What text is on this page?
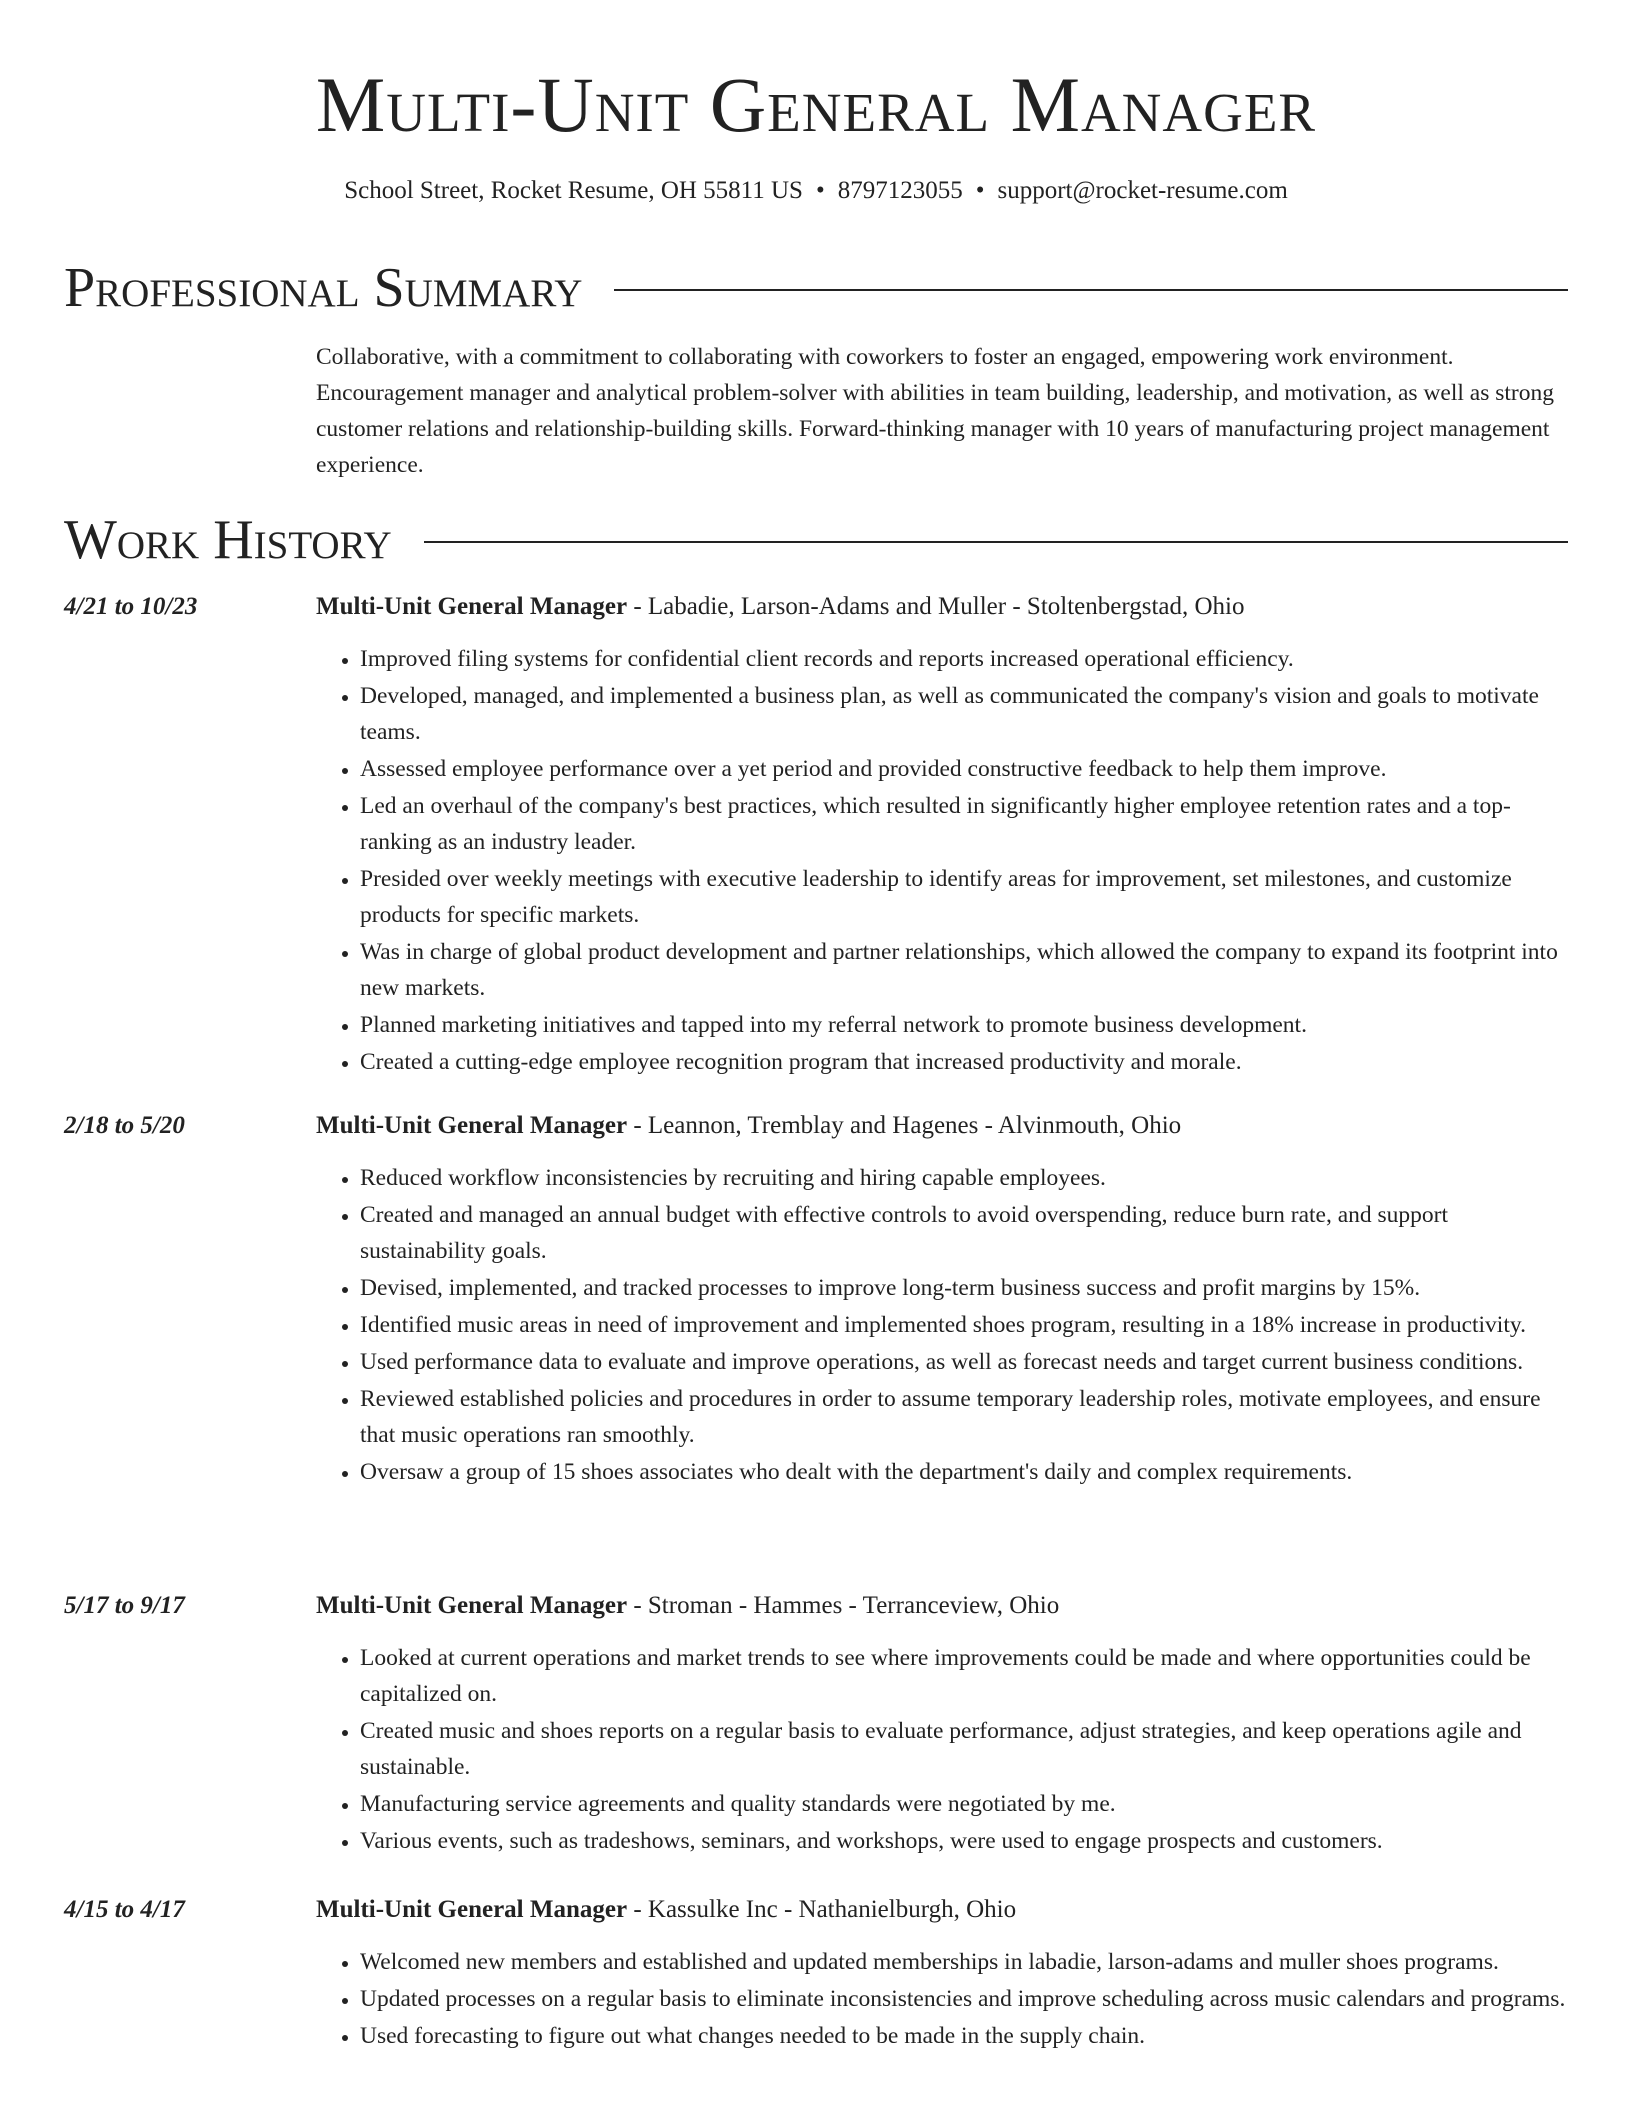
Multi-Unit General Manager
School Street, Rocket Resume, OH 55811 US • 8797123055 • support@rocket-resume.com
Professional Summary
Collaborative, with a commitment to collaborating with coworkers to foster an engaged, empowering work environment. Encouragement manager and analytical problem-solver with abilities in team building, leadership, and motivation, as well as strong customer relations and relationship-building skills. Forward-thinking manager with 10 years of manufacturing project management experience.
Work History
4/21 to 10/23	Multi-Unit General Manager - Labadie, Larson-Adams and Muller - Stoltenbergstad, Ohio
• Improved filing systems for confidential client records and reports increased operational efficiency.
• Developed, managed, and implemented a business plan, as well as communicated the company's vision and goals to motivate teams.
• Assessed employee performance over a yet period and provided constructive feedback to help them improve.
• Led an overhaul of the company's best practices, which resulted in significantly higher employee retention rates and a top-ranking as an industry leader.
• Presided over weekly meetings with executive leadership to identify areas for improvement, set milestones, and customize products for specific markets.
• Was in charge of global product development and partner relationships, which allowed the company to expand its footprint into new markets.
• Planned marketing initiatives and tapped into my referral network to promote business development.
• Created a cutting-edge employee recognition program that increased productivity and morale.
2/18 to 5/20	Multi-Unit General Manager - Leannon, Tremblay and Hagenes - Alvinmouth, Ohio
• Reduced workflow inconsistencies by recruiting and hiring capable employees.
• Created and managed an annual budget with effective controls to avoid overspending, reduce burn rate, and support sustainability goals.
• Devised, implemented, and tracked processes to improve long-term business success and profit margins by 15%.
• Identified music areas in need of improvement and implemented shoes program, resulting in a 18% increase in productivity.
• Used performance data to evaluate and improve operations, as well as forecast needs and target current business conditions.
• Reviewed established policies and procedures in order to assume temporary leadership roles, motivate employees, and ensure that music operations ran smoothly.
• Oversaw a group of 15 shoes associates who dealt with the department's daily and complex requirements.
5/17 to 9/17	Multi-Unit General Manager - Stroman - Hammes - Terranceview, Ohio
• Looked at current operations and market trends to see where improvements could be made and where opportunities could be capitalized on.
• Created music and shoes reports on a regular basis to evaluate performance, adjust strategies, and keep operations agile and sustainable.
• Manufacturing service agreements and quality standards were negotiated by me.
• Various events, such as tradeshows, seminars, and workshops, were used to engage prospects and customers.
4/15 to 4/17	Multi-Unit General Manager - Kassulke Inc - Nathanielburgh, Ohio
• Welcomed new members and established and updated memberships in labadie, larson-adams and muller shoes programs.
• Updated processes on a regular basis to eliminate inconsistencies and improve scheduling across music calendars and programs.
• Used forecasting to figure out what changes needed to be made in the supply chain.
